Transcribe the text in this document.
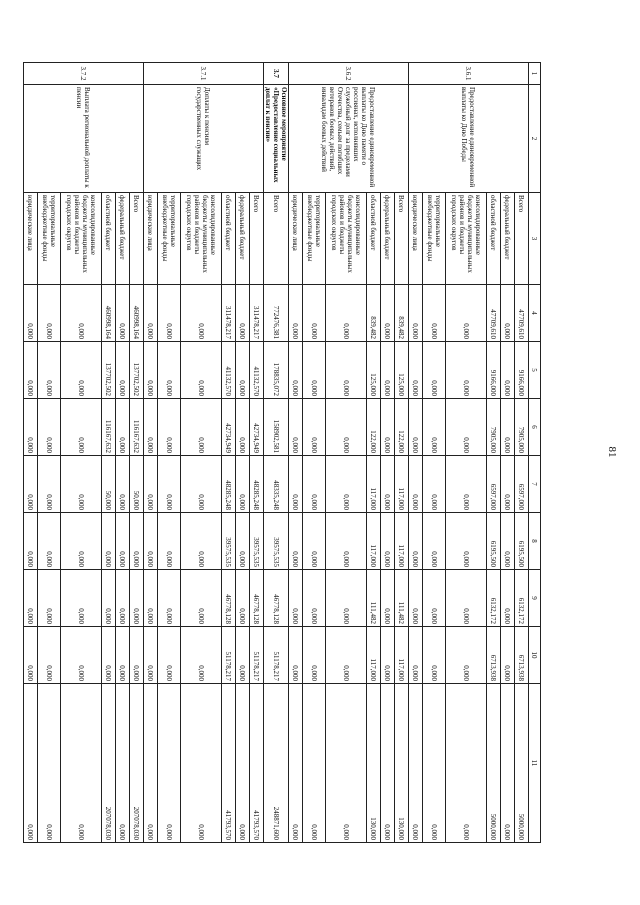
81
1	2	3	4	5	6	7	8	9	10	11
3.6.1	Предоставление единовременной выплаты ко Дню Победы	Всего	47709,610	9166,000	7905,000	6597,000	6195,500	6132,172	6713,938	5000,000
		федеральный бюджет	0,000	0,000	0,000	0,000	0,000	0,000	0,000	0,000
		областной бюджет	47709,610	9166,000	7905,000	6597,000	6195,500	6132,172	6713,938	5000,000
		консолидированные бюджеты муниципальных районов и бюджеты городских округов	0,000	0,000	0,000	0,000	0,000	0,000	0,000	0,000
		территориальные внебюджетные фонды	0,000	0,000	0,000	0,000	0,000	0,000	0,000	0,000
		юридические лица	0,000	0,000	0,000	0,000	0,000	0,000	0,000	0,000
3.6.2	Предоставление единовременной выплаты ко Дню памяти о россиянах, исполнявших служебный долг за пределами Отечества, семьям погибших ветеранов боевых действий, инвалидам боевых действий	Всего	839,482	125,000	122,000	117,000	117,000	111,482	117,000	130,000
		федеральный бюджет	0,000	0,000	0,000	0,000	0,000	0,000	0,000	0,000
		областной бюджет	839,482	125,000	122,000	117,000	117,000	111,482	117,000	130,000
		консолидированные бюджеты муниципальных районов и бюджеты городских округов	0,000	0,000	0,000	0,000	0,000	0,000	0,000	0,000
		территориальные внебюджетные фонды	0,000	0,000	0,000	0,000	0,000	0,000	0,000	0,000
		юридические лица	0,000	0,000	0,000	0,000	0,000	0,000	0,000	0,000
3.7	Основное мероприятие «Предоставление социальных доплат к пенсии»	Всего	772476,381	178835,072	158902,581	48335,248	39575,535	46778,128	51178,217	248871,600
3.7.1	Доплаты к пенсиям государственных служащих	Всего	311478,217	41132,570	42734,949	48285,248	39575,535	46778,128	51178,217	41793,570
		федеральный бюджет	0,000	0,000	0,000	0,000	0,000	0,000	0,000	0,000
		областной бюджет	311478,217	41132,570	42734,949	48285,248	39575,535	46778,128	51178,217	41793,570
		консолидированные бюджеты муниципальных районов и бюджеты городских округов	0,000	0,000	0,000	0,000	0,000	0,000	0,000	0,000
		территориальные внебюджетные фонды	0,000	0,000	0,000	0,000	0,000	0,000	0,000	0,000
		юридические лица	0,000	0,000	0,000	0,000	0,000	0,000	0,000	0,000
3.7.2	Выплата региональной доплаты к пенсии	Всего	460998,164	137702,502	116167,632	50,000	0,000	0,000	0,000	207078,030
		федеральный бюджет	0,000	0,000	0,000	0,000	0,000	0,000	0,000	0,000
		областной бюджет	460998,164	137702,502	116167,632	50,000	0,000	0,000	0,000	207078,030
		консолидированные бюджеты муниципальных районов и бюджеты городских округов	0,000	0,000	0,000	0,000	0,000	0,000	0,000	0,000
		территориальные внебюджетные фонды	0,000	0,000	0,000	0,000	0,000	0,000	0,000	0,000
		юридические лица	0,000	0,000	0,000	0,000	0,000	0,000	0,000	0,000
